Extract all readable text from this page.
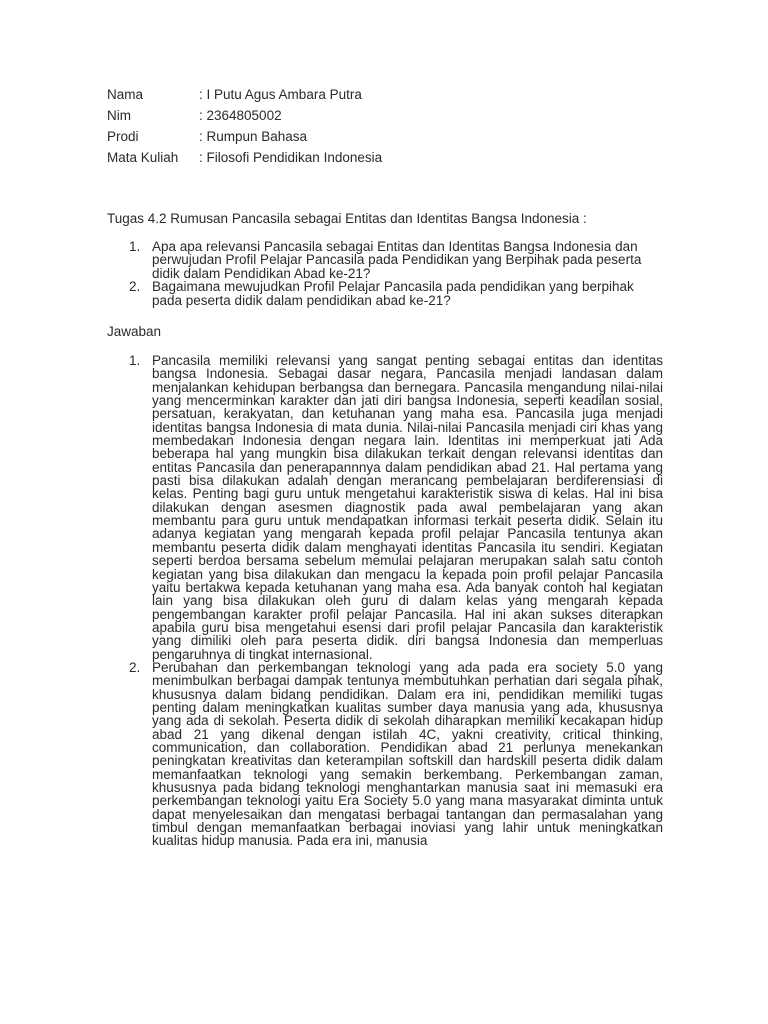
Nama	: I Putu Agus Ambara Putra
Nim	: 2364805002
Prodi	: Rumpun Bahasa
Mata Kuliah	: Filosofi Pendidikan Indonesia
Tugas 4.2 Rumusan Pancasila sebagai Entitas dan Identitas Bangsa Indonesia :
1. Apa apa relevansi Pancasila sebagai Entitas dan Identitas Bangsa Indonesia dan perwujudan Profil Pelajar Pancasila pada Pendidikan yang Berpihak pada peserta didik dalam Pendidikan Abad ke-21?
2. Bagaimana mewujudkan Profil Pelajar Pancasila pada pendidikan yang berpihak pada peserta didik dalam pendidikan abad ke-21?
Jawaban
1. Pancasila memiliki relevansi yang sangat penting sebagai entitas dan identitas bangsa Indonesia. Sebagai dasar negara, Pancasila menjadi landasan dalam menjalankan kehidupan berbangsa dan bernegara. Pancasila mengandung nilai-nilai yang mencerminkan karakter dan jati diri bangsa Indonesia, seperti keadilan sosial, persatuan, kerakyatan, dan ketuhanan yang maha esa. Pancasila juga menjadi identitas bangsa Indonesia di mata dunia. Nilai-nilai Pancasila menjadi ciri khas yang membedakan Indonesia dengan negara lain. Identitas ini memperkuat jati Ada beberapa hal yang mungkin bisa dilakukan terkait dengan relevansi identitas dan entitas Pancasila dan penerapannnya dalam pendidikan abad 21. Hal pertama yang pasti bisa dilakukan adalah dengan merancang pembelajaran berdiferensiasi di kelas. Penting bagi guru untuk mengetahui karakteristik siswa di kelas. Hal ini bisa dilakukan dengan asesmen diagnostik pada awal pembelajaran yang akan membantu para guru untuk mendapatkan informasi terkait peserta didik. Selain itu adanya kegiatan yang mengarah kepada profil pelajar Pancasila tentunya akan membantu peserta didik dalam menghayati identitas Pancasila itu sendiri. Kegiatan seperti berdoa bersama sebelum memulai pelajaran merupakan salah satu contoh kegiatan yang bisa dilakukan dan mengacu la kepada poin profil pelajar Pancasila yaitu bertakwa kepada ketuhanan yang maha esa. Ada banyak contoh hal kegiatan lain yang bisa dilakukan oleh guru di dalam kelas yang mengarah kepada pengembangan karakter profil pelajar Pancasila. Hal ini akan sukses diterapkan apabila guru bisa mengetahui esensi dari profil pelajar Pancasila dan karakteristik yang dimiliki oleh para peserta didik. diri bangsa Indonesia dan memperluas pengaruhnya di tingkat internasional.
2. Perubahan dan perkembangan teknologi yang ada pada era society 5.0 yang menimbulkan berbagai dampak tentunya membutuhkan perhatian dari segala pihak, khususnya dalam bidang pendidikan. Dalam era ini, pendidikan memiliki tugas penting dalam meningkatkan kualitas sumber daya manusia yang ada, khususnya yang ada di sekolah. Peserta didik di sekolah diharapkan memiliki kecakapan hidup abad 21 yang dikenal dengan istilah 4C, yakni creativity, critical thinking, communication, dan collaboration. Pendidikan abad 21 perlunya menekankan peningkatan kreativitas dan keterampilan softskill dan hardskill peserta didik dalam memanfaatkan teknologi yang semakin berkembang. Perkembangan zaman, khususnya pada bidang teknologi menghantarkan manusia saat ini memasuki era perkembangan teknologi yaitu Era Society 5.0 yang mana masyarakat diminta untuk dapat menyelesaikan dan mengatasi berbagai tantangan dan permasalahan yang timbul dengan memanfaatkan berbagai inoviasi yang lahir untuk meningkatkan kualitas hidup manusia. Pada era ini, manusia
